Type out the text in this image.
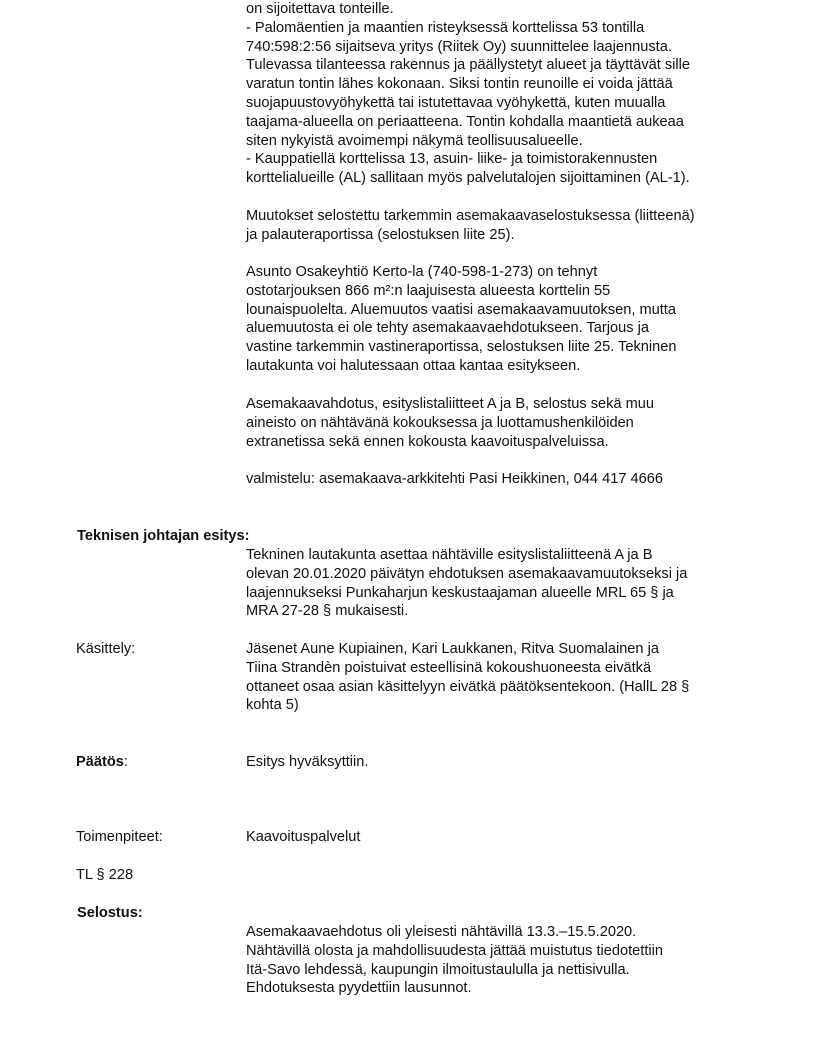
on sijoitettava tonteille.

- Palomäentien ja maantien risteyksessä korttelissa 53 tontilla

740:598:2:56 sijaitseva yritys (Riitek Oy) suunnittelee laajennusta.

Tulevassa tilanteessa rakennus ja päällystetyt alueet ja täyttävät sille

varatun tontin lähes kokonaan. Siksi tontin reunoille ei voida jättää

suojapuustovyöhykettä tai istutettavaa vyöhykettä, kuten muualla

taajama-alueella on periaatteena. Tontin kohdalla maantietä aukeaa

siten nykyistä avoimempi näkymä teollisuusalueelle.

- Kauppatiellä korttelissa 13, asuin- liike- ja toimistorakennusten

korttelialueille (AL) sallitaan myös palvelutalojen sijoittaminen (AL-1).

Muutokset selostettu tarkemmin asemakaavaselostuksessa (liitteenä)

ja palauteraportissa (selostuksen liite 25).

Asunto Osakeyhtiö Kerto-la (740-598-1-273) on tehnyt

ostotarjouksen 866 m²:n laajuisesta alueesta korttelin 55

lounaispuolelta. Aluemuutos vaatisi asemakaavamuutoksen, mutta

aluemuutosta ei ole tehty asemakaavaehdotukseen. Tarjous ja

vastine tarkemmin vastineraportissa, selostuksen liite 25. Tekninen

lautakunta voi halutessaan ottaa kantaa esitykseen.

Asemakaavahdotus, esityslistaliitteet A ja B, selostus sekä muu

aineisto on nähtävänä kokouksessa ja luottamushenkilöiden

extranetissa sekä ennen kokousta kaavoituspalveluissa.

valmistelu: asemakaava-arkkitehti Pasi Heikkinen, 044 417 4666

Teknisen johtajan esitys:

Tekninen lautakunta asettaa nähtäville esityslistaliitteenä A ja B

olevan 20.01.2020 päivätyn ehdotuksen asemakaavamuutokseksi ja

laajennukseksi Punkaharjun keskustaajaman alueelle MRL 65 § ja

MRA 27-28 § mukaisesti.

Käsittely:	Jäsenet Aune Kupiainen, Kari Laukkanen, Ritva Suomalainen ja

Tiina Strandèn poistuivat esteellisinä kokoushuoneesta eivätkä

ottaneet osaa asian käsittelyyn eivätkä päätöksentekoon. (HallL 28 §

kohta 5)

Päätös:	Esitys hyväksyttiin.

Toimenpiteet:	Kaavoituspalvelut

TL § 228
Selostus:

Asemakaavaehdotus oli yleisesti nähtävillä 13.3.–15.5.2020.

Nähtävillä olosta ja mahdollisuudesta jättää muistutus tiedotettiin

Itä-Savo lehdessä, kaupungin ilmoitustaululla ja nettisivulla.

Ehdotuksesta pyydettiin lausunnot.
